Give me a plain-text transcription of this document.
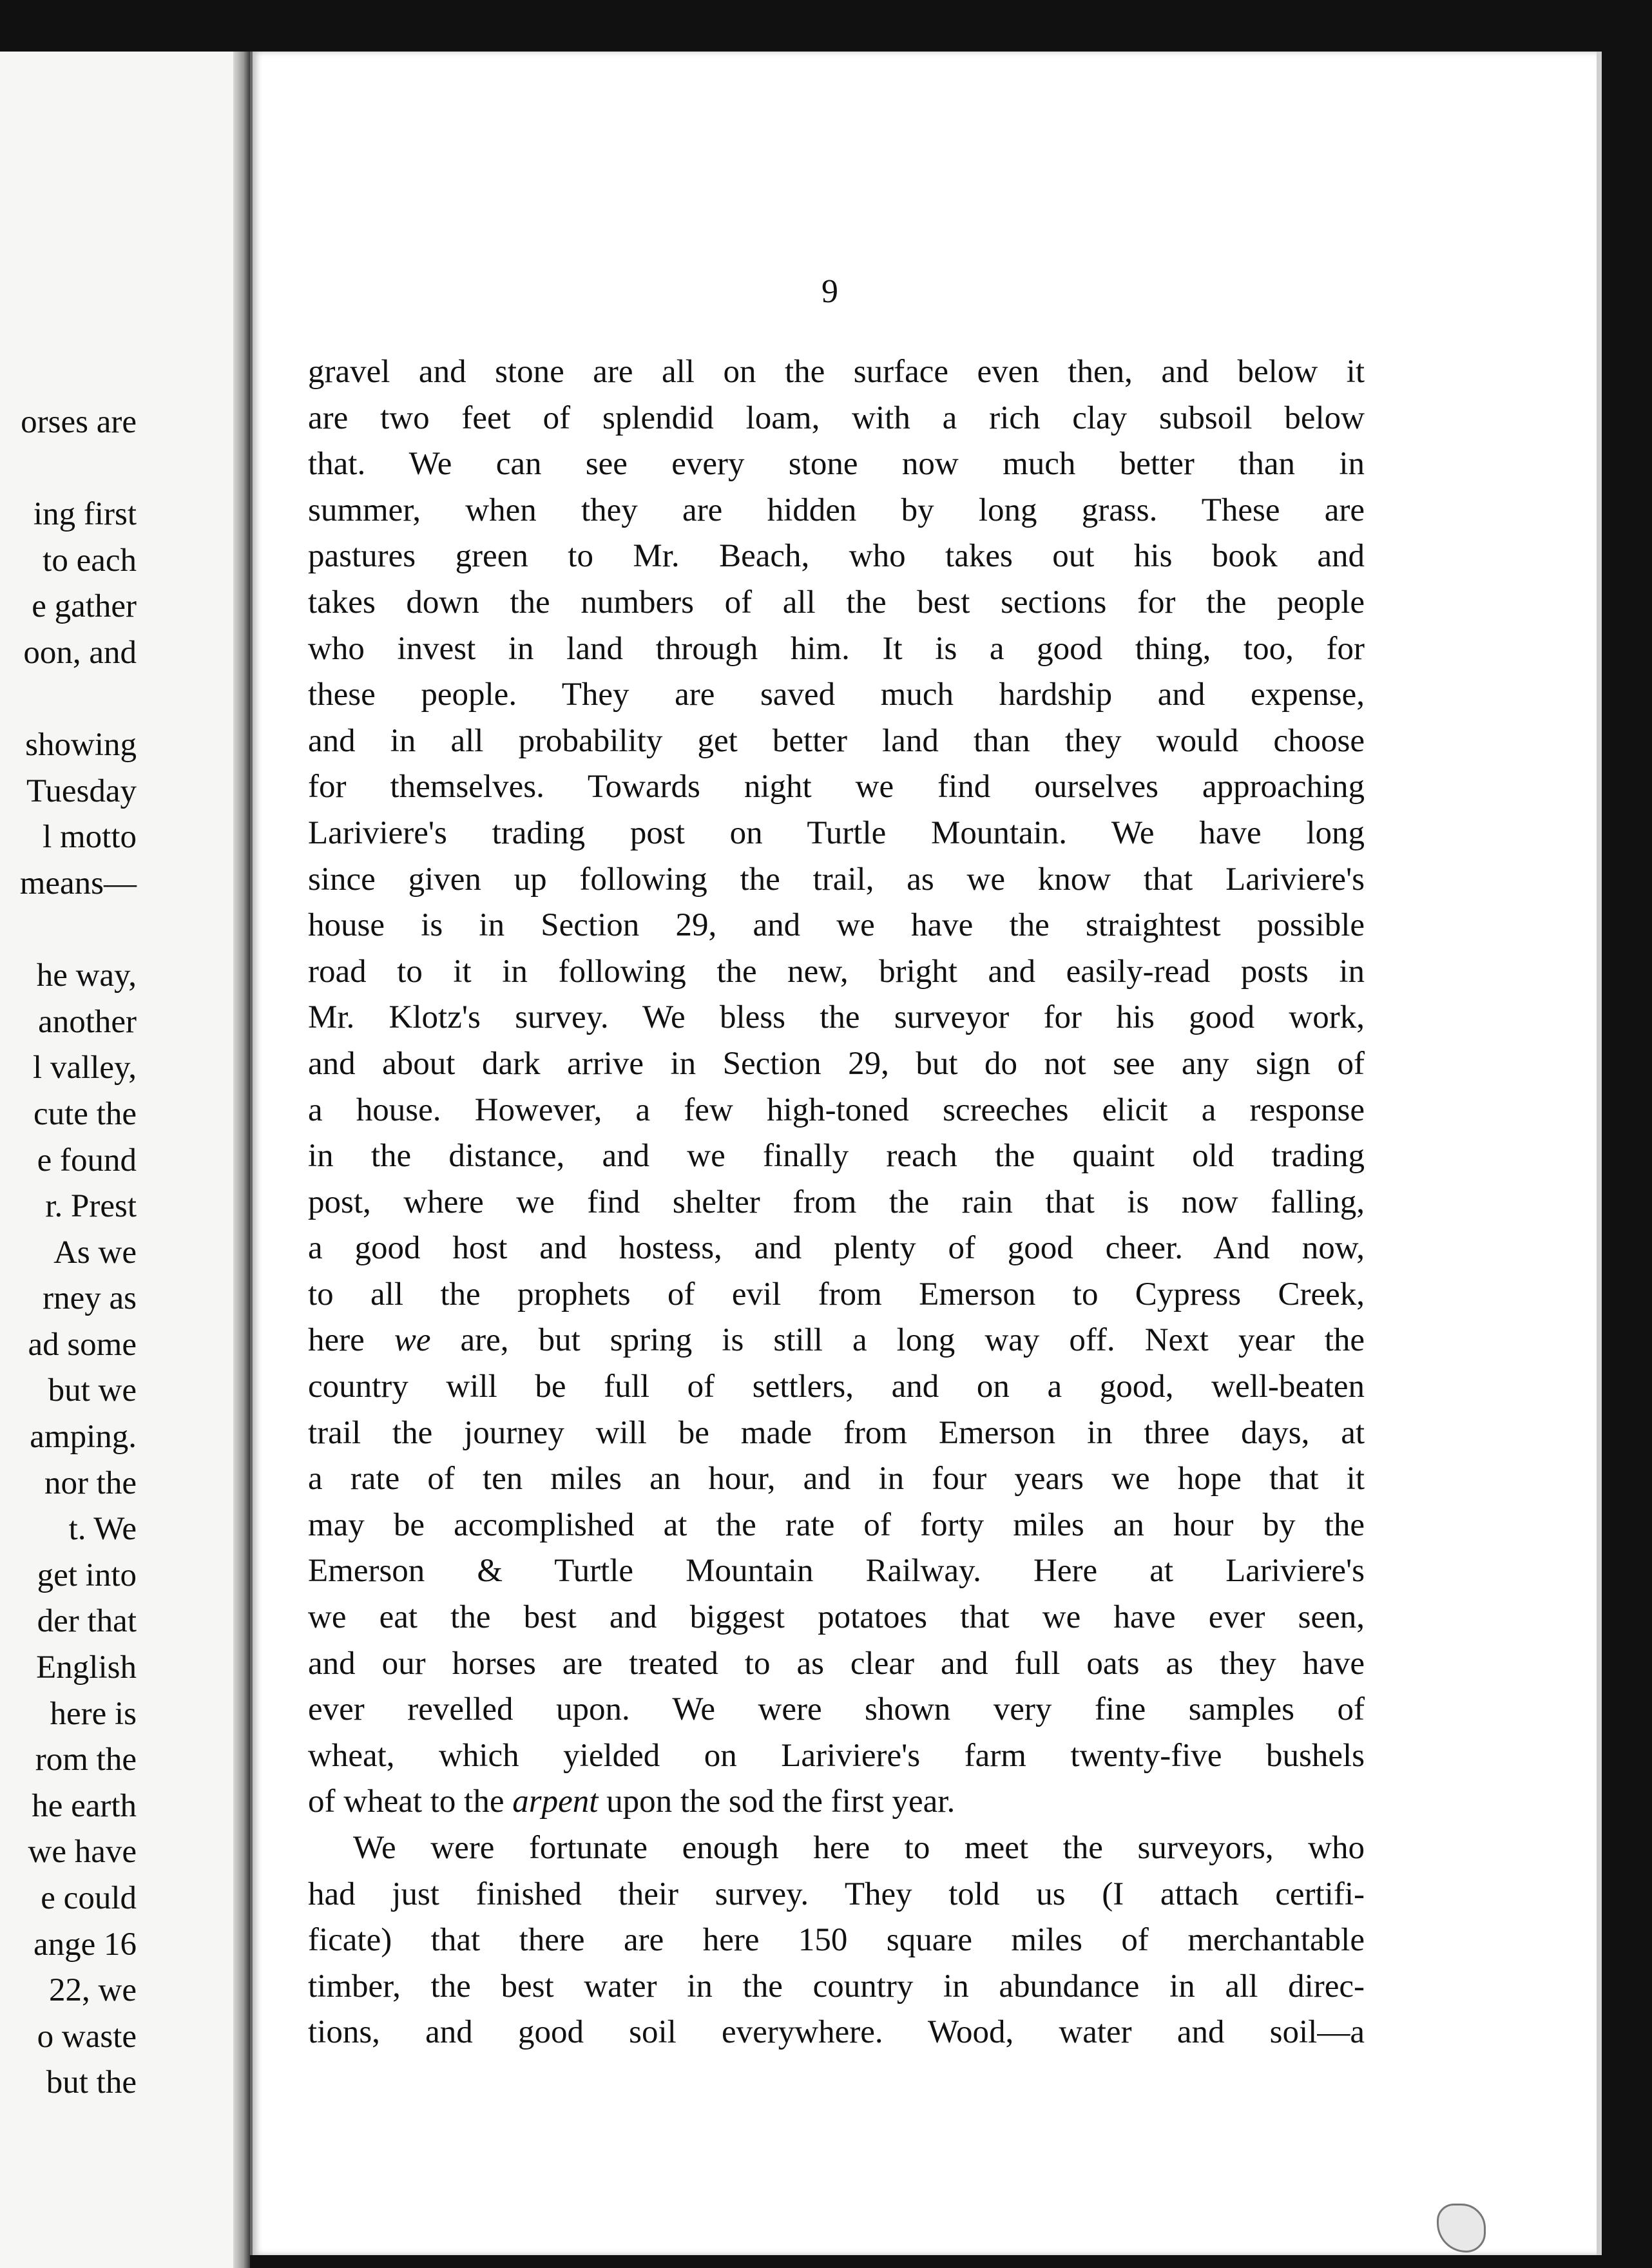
orses are
ing first
to each
e gather
oon, and
showing
Tuesday
l motto
means—
he way,
another
l valley,
cute the
e found
r. Prest
As we
rney as
ad some
but we
amping.
nor the
t. We
get into
der that
English
here is
rom the
he earth
we have
e could
ange 16
22, we
o waste
but the
9
gravel and stone are all on the surface even then, and below it
are two feet of splendid loam, with a rich clay subsoil below
that. We can see every stone now much better than in
summer, when they are hidden by long grass. These are
pastures green to Mr. Beach, who takes out his book and
takes down the numbers of all the best sections for the people
who invest in land through him. It is a good thing, too, for
these people. They are saved much hardship and expense,
and in all probability get better land than they would choose
for themselves. Towards night we find ourselves approaching
Lariviere's trading post on Turtle Mountain. We have long
since given up following the trail, as we know that Lariviere's
house is in Section 29, and we have the straightest possible
road to it in following the new, bright and easily-read posts in
Mr. Klotz's survey. We bless the surveyor for his good work,
and about dark arrive in Section 29, but do not see any sign of
a house. However, a few high-toned screeches elicit a response
in the distance, and we finally reach the quaint old trading
post, where we find shelter from the rain that is now falling,
a good host and hostess, and plenty of good cheer. And now,
to all the prophets of evil from Emerson to Cypress Creek,
here we are, but spring is still a long way off. Next year the
country will be full of settlers, and on a good, well-beaten
trail the journey will be made from Emerson in three days, at
a rate of ten miles an hour, and in four years we hope that it
may be accomplished at the rate of forty miles an hour by the
Emerson & Turtle Mountain Railway. Here at Lariviere's
we eat the best and biggest potatoes that we have ever seen,
and our horses are treated to as clear and full oats as they have
ever revelled upon. We were shown very fine samples of
wheat, which yielded on Lariviere's farm twenty-five bushels
of wheat to the arpent upon the sod the first year.
We were fortunate enough here to meet the surveyors, who
had just finished their survey. They told us (I attach certifi-
ficate) that there are here 150 square miles of merchantable
timber, the best water in the country in abundance in all direc-
tions, and good soil everywhere. Wood, water and soil—a
